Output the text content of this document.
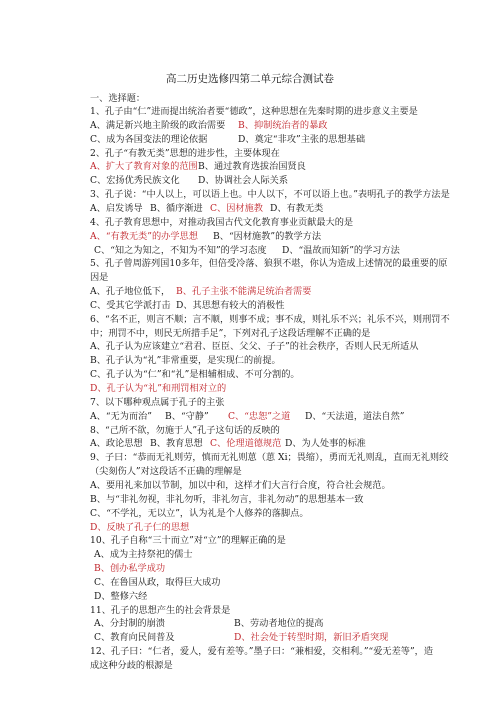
高二历史选修四第二单元综合测试卷
一、选择题：
1、孔子由“仁”进而提出统治者要“德政”，这种思想在先秦时期的进步意义主要是
A、满足新兴地主阶级的政治需要 B、抑制统治者的暴政
C、成为各国变法的理论依据	D、奠定“非攻”主张的思想基础
2、孔子“有教无类”思想的进步性，主要体现在
A、扩大了教育对象的范围 B、通过教育选拔治国贤良
C、宏扬优秀民族文化 D、协调社会人际关系
3、孔子说：“中人以上，可以语上也。中人以下，不可以语上也。”表明孔子的教学方法是
A、启发诱导 B、循序渐进 C、因材施教 D、有教无类
4、孔子教育思想中，对推动我国古代文化教育事业贡献最大的是
A、“有教无类”的办学思想 B、“因材施教”的教学方法
C、“知之为知之，不知为不知”的学习态度 D、“温故而知新”的学习方法
5、孔子曾周游列国10多年，但倍受冷落、狼狈不堪，你认为造成上述情况的最重要的原
因是
A、孔子地位低下， B、孔子主张不能满足统治者需要
C、受其它学派打击 D、其思想有较大的消极性
6、“名不正，则言不顺；言不顺，则事不成；事不成，则礼乐不兴；礼乐不兴，则刑罚不
中；刑罚不中，则民无所措手足”，下列对孔子这段话理解不正确的是
A、孔子认为应该建立“君君、臣臣、父父、子子”的社会秩序，否则人民无所适从
B、孔子认为“礼”非常重要，是实现仁的前提。
C、孔子认为“仁”和“礼”是相辅相成、不可分割的。
D、孔子认为“礼”和刑罚相对立的
7、以下哪种观点属于孔子的主张
A、“无为而治” B、“守静” C、“忠恕”之道 D、“天法道，道法自然”
8、“己所不欲，勿施于人”孔子这句话的反映的
A、政论思想 B、教育思想 C、伦理道德规范 D、为人处事的标准
9、子曰：“恭而无礼则劳，慎而无礼则葸（葸 Xi；畏缩），勇而无礼则乱，直而无礼则绞
（尖刻伤人”对这段话不正确的理解是
A、要用礼来加以节制，加以中和，这样才们大言行合度，符合社会规范。
B、与“非礼勿视，非礼勿听，非礼勿言，非礼勿动”的思想基本一致
C、“不学礼，无以立”，认为礼是个人修养的落脚点。
D、反映了孔子仁的思想
10、孔子自称“三十而立”对“立”的理解正确的是
A、成为主持祭祀的儒士
B、创办私学成功
C、在鲁国从政，取得巨大成功
D、整修六经
11、孔子的思想产生的社会背景是
A、分封制的崩溃	B、劳动者地位的提高
C、教育向民间普及	D、社会处于转型时期，新旧矛盾突现
12、孔子曰：“仁者，爱人，爱有差等。”墨子曰：“兼相爱，交相利。”“爱无差等”，造
成这种分歧的根源是
